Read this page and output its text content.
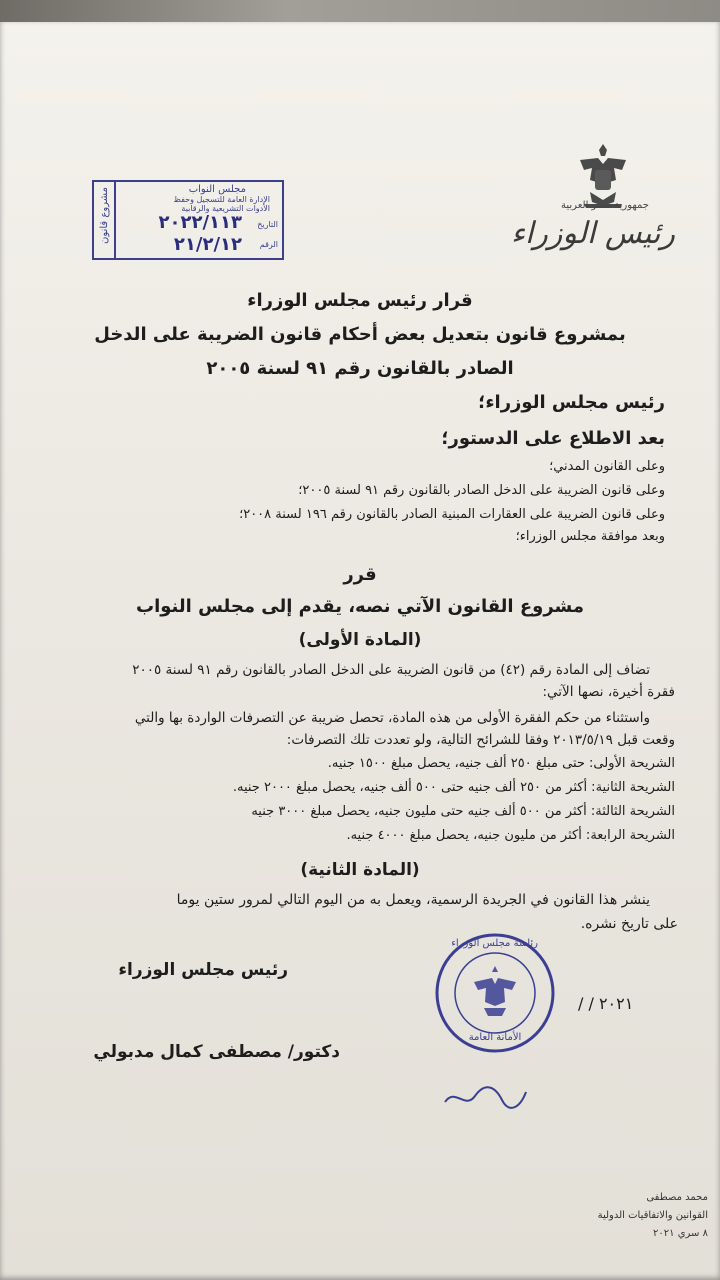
جمهورية مصر العربية
رئيس الوزراء
مشروع قانون	مجلس النواب
الإدارة العامة للتسجيل وحفظ
الأدوات التشريعية والرقابية
التاريخ
٢٠٢٢/١١٣
الرقم
٢١/٢/١٢
قرار رئيس مجلس الوزراء
بمشروع قانون بتعديل بعض أحكام قانون الضريبة على الدخل
الصادر بالقانون رقم ٩١ لسنة ٢٠٠٥
رئيس مجلس الوزراء؛
بعد الاطلاع على الدستور؛
وعلى القانون المدني؛
وعلى قانون الضريبة على الدخل الصادر بالقانون رقم ٩١ لسنة ٢٠٠٥؛
وعلى قانون الضريبة على العقارات المبنية الصادر بالقانون رقم ١٩٦ لسنة ٢٠٠٨؛
وبعد موافقة مجلس الوزراء؛
قرر
مشروع القانون الآتي نصه، يقدم إلى مجلس النواب
(المادة الأولى)
تضاف إلى المادة رقم (٤٢) من قانون الضريبة على الدخل الصادر بالقانون رقم ٩١ لسنة ٢٠٠٥
فقرة أخيرة، نصها الآتي:
واستثناء من حكم الفقرة الأولى من هذه المادة، تحصل ضريبة عن التصرفات الواردة بها والتي
وقعت قبل ٢٠١٣/٥/١٩ وفقا للشرائح التالية، ولو تعددت تلك التصرفات:
الشريحة الأولى: حتى مبلغ ٢٥٠ ألف جنيه، يحصل مبلغ ١٥٠٠ جنيه.
الشريحة الثانية: أكثر من ٢٥٠ ألف جنيه حتى ٥٠٠ ألف جنيه، يحصل مبلغ ٢٠٠٠ جنيه.
الشريحة الثالثة: أكثر من ٥٠٠ ألف جنيه حتى مليون جنيه، يحصل مبلغ ٣٠٠٠ جنيه
الشريحة الرابعة: أكثر من مليون جنيه، يحصل مبلغ ٤٠٠٠ جنيه.
(المادة الثانية)
ينشر هذا القانون في الجريدة الرسمية، ويعمل به من اليوم التالي لمرور ستين يوما
على تاريخ نشره.
رئاسة مجلس الوزراء
الأمانة العامة
رئيس مجلس الوزراء
/ / ٢٠٢١
دكتور/ مصطفى كمال مدبولي
محمد مصطفى
القوانين والاتفاقيات الدولية
٨ سري ٢٠٢١
